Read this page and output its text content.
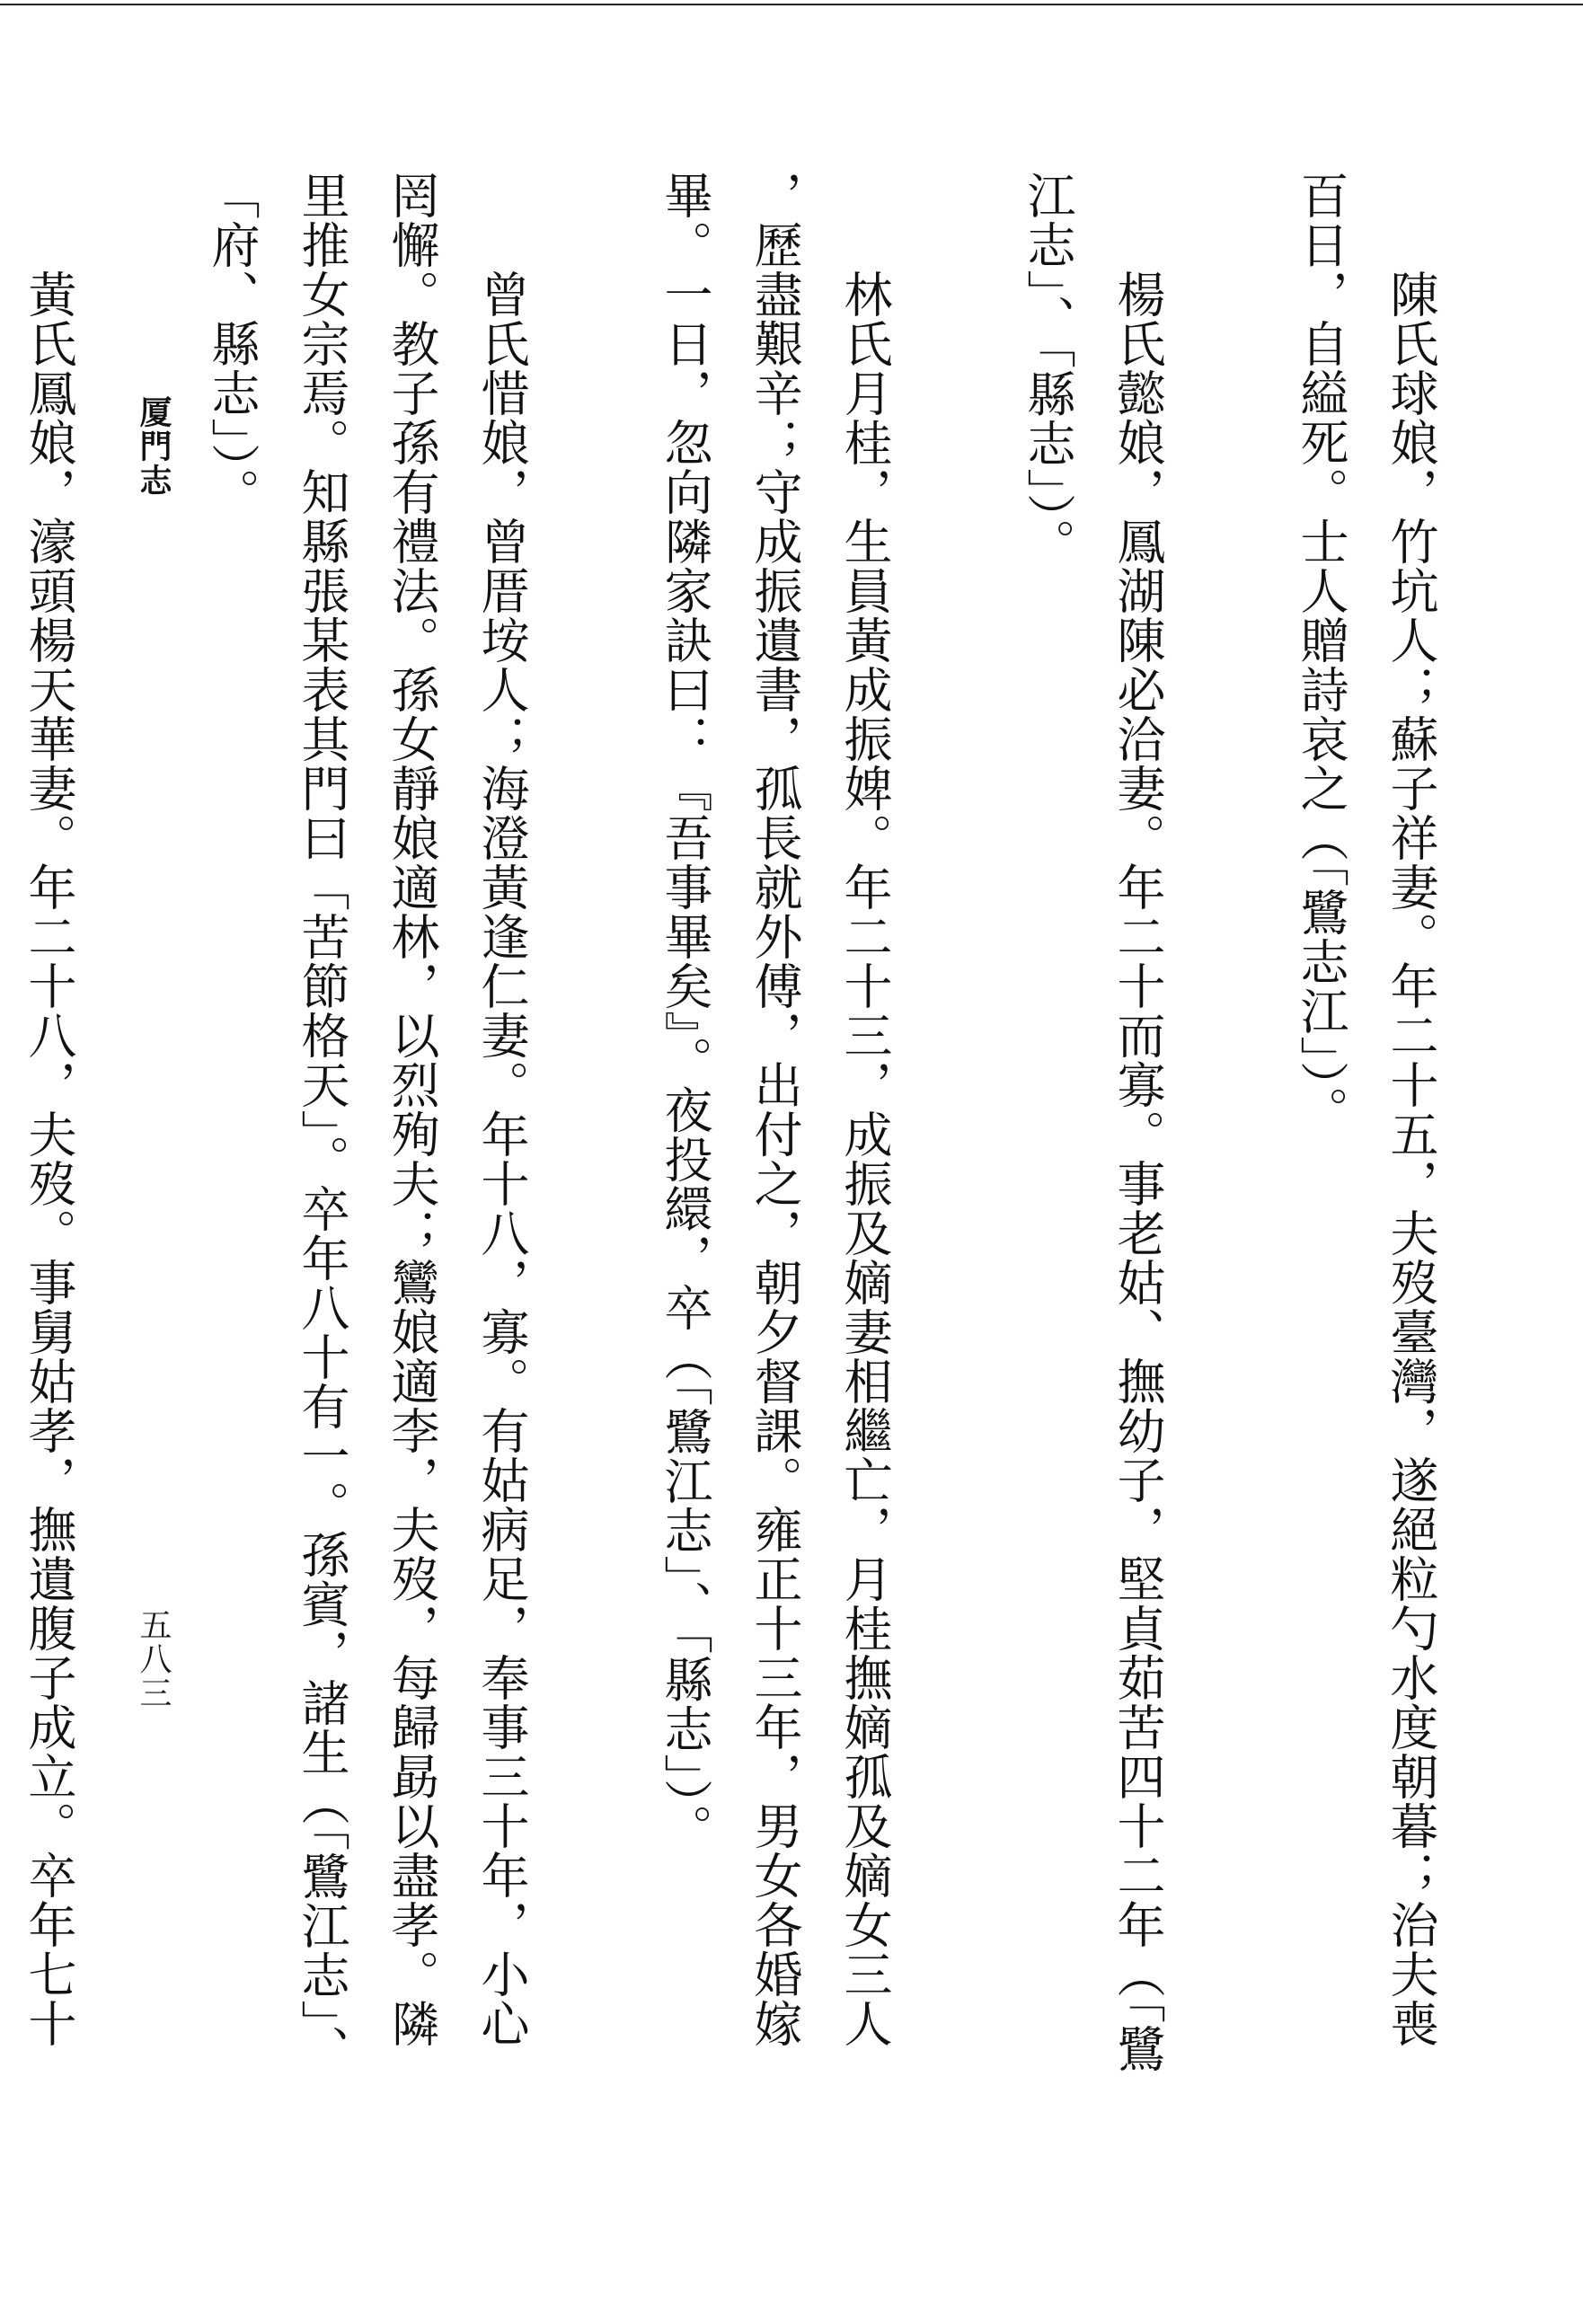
陳氏球娘，竹坑人；蘇子祥妻。年二十五，夫歿臺灣，遂絕粒勺水度朝暮；治夫喪
百日，自縊死。士人贈詩哀之（「鷺志江」）。
楊氏懿娘，鳳湖陳必洽妻。年二十而寡。事老姑、撫幼子，堅貞茹苦四十二年（「鷺
江志」、「縣志」）。
林氏月桂，生員黃成振婢。年二十三，成振及嫡妻相繼亡，月桂撫嫡孤及嫡女三人
，歷盡艱辛；守成振遺書，孤長就外傅，出付之，朝夕督課。雍正十三年，男女各婚嫁
畢。一日，忽向隣家訣曰：『吾事畢矣』。夜投繯，卒（「鷺江志」、「縣志」）。
曾氏惜娘，曾厝垵人；海澄黃逢仁妻。年十八，寡。有姑病足，奉事三十年，小心
罔懈。教子孫有禮法。孫女靜娘適林，以烈殉夫；鸞娘適李，夫歿，每歸勗以盡孝。隣
里推女宗焉。知縣張某表其門曰「苦節格天」。卒年八十有一。孫賓，諸生（「鷺江志」、
「府、縣志」）。
黃氏鳳娘，濠頭楊天華妻。年二十八，夫歿。事舅姑孝，撫遺腹子成立。卒年七十	厦門志
五八三
